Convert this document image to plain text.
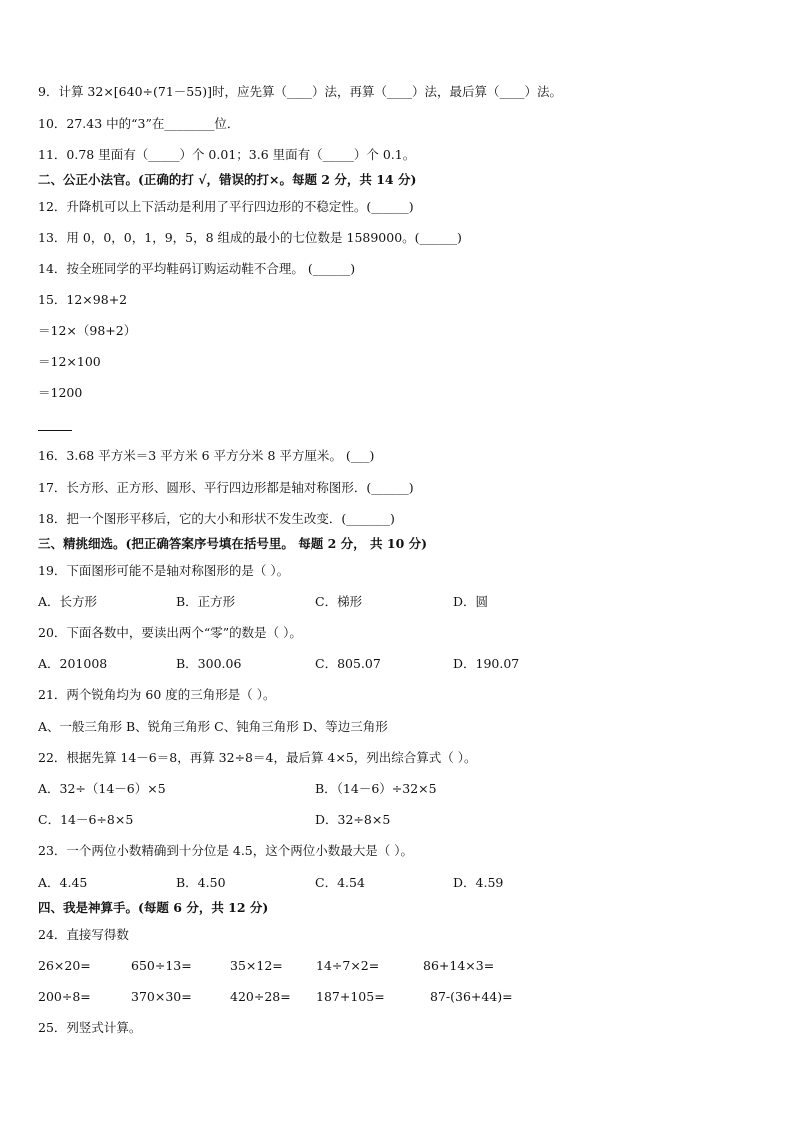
9．计算 32×[640÷(71－55)]时，应先算（____）法，再算（____）法，最后算（____）法。
10．27.43 中的“3”在________位．
11．0.78 里面有（_____）个 0.01；3.6 里面有（_____）个 0.1。
二、公正小法官。(正确的打 √，错误的打×。每题 2 分，共 14 分)
12．升降机可以上下活动是利用了平行四边形的不稳定性。(______)
13．用 0，0，0，1，9，5，8 组成的最小的七位数是 1589000。(______)
14．按全班同学的平均鞋码订购运动鞋不合理。 (______)
15．12×98+2
＝12×（98+2）
＝12×100
＝1200
16．3.68 平方米＝3 平方米 6 平方分米 8 平方厘米。 (___)
17．长方形、正方形、圆形、平行四边形都是轴对称图形．(______)
18．把一个图形平移后，它的大小和形状不发生改变．(_______)
三、精挑细选。(把正确答案序号填在括号里。 每题 2 分， 共 10 分)
19．下面图形可能不是轴对称图形的是（ ）。
A．长方形	B．正方形	C．梯形	D．圆
20．下面各数中，要读出两个“零”的数是（ ）。
A．201008	B．300.06	C．805.07	D．190.07
21．两个锐角均为 60 度的三角形是（ ）。
A、一般三角形 B、锐角三角形 C、钝角三角形 D、等边三角形
22．根据先算 14－6＝8，再算 32÷8＝4，最后算 4×5，列出综合算式（ ）。
A．32÷（14－6）×5	B．（14－6）÷32×5
C．14－6÷8×5	D．32÷8×5
23．一个两位小数精确到十分位是 4.5，这个两位小数最大是（ ）。
A．4.45	B．4.50	C．4.54	D．4.59
四、我是神算手。(每题 6 分，共 12 分)
24．直接写得数
26×20=	650÷13=	35×12=	14÷7×2=	86+14×3=
200÷8=	370×30=	420÷28= 187+105=	87-(36+44)=
25．列竖式计算。
